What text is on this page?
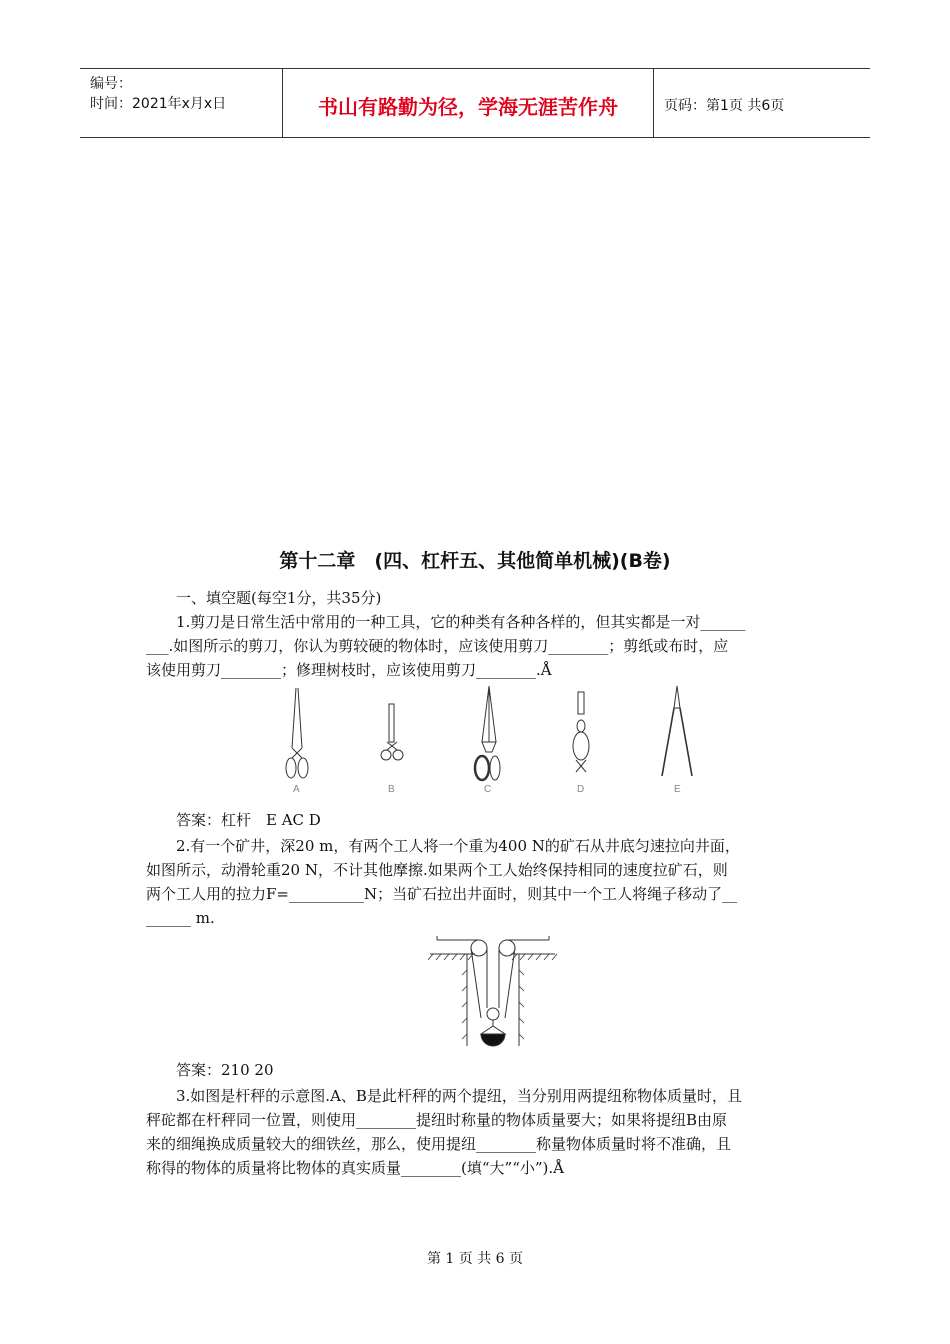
编号：
时间：2021年x月x日	书山有路勤为径，学海无涯苦作舟	页码：第1页 共6页
第十二章　(四、杠杆五、其他简单机械)(B卷)
一、填空题(每空1分，共35分)
1.剪刀是日常生活中常用的一种工具，它的种类有各种各样的，但其实都是一对______
___.如图所示的剪刀，你认为剪较硬的物体时，应该使用剪刀________；剪纸或布时，应
该使用剪刀________；修理树枝时，应该使用剪刀________.Å
A	B	C	D	E
答案：杠杆　E AC D
2.有一个矿井，深20 m，有两个工人将一个重为400 N的矿石从井底匀速拉向井面，
如图所示，动滑轮重20 N，不计其他摩擦.如果两个工人始终保持相同的速度拉矿石，则
两个工人用的拉力F=__________N；当矿石拉出井面时，则其中一个工人将绳子移动了__
______ m.
答案：210 20
3.如图是杆秤的示意图.A、B是此杆秤的两个提纽，当分别用两提纽称物体质量时，且
秤砣都在杆秤同一位置，则使用________提纽时称量的物体质量要大；如果将提纽B由原
来的细绳换成质量较大的细铁丝，那么，使用提纽________称量物体质量时将不准确，且
称得的物体的质量将比物体的真实质量________(填“大”“小”).Å
第 1 页 共 6 页
